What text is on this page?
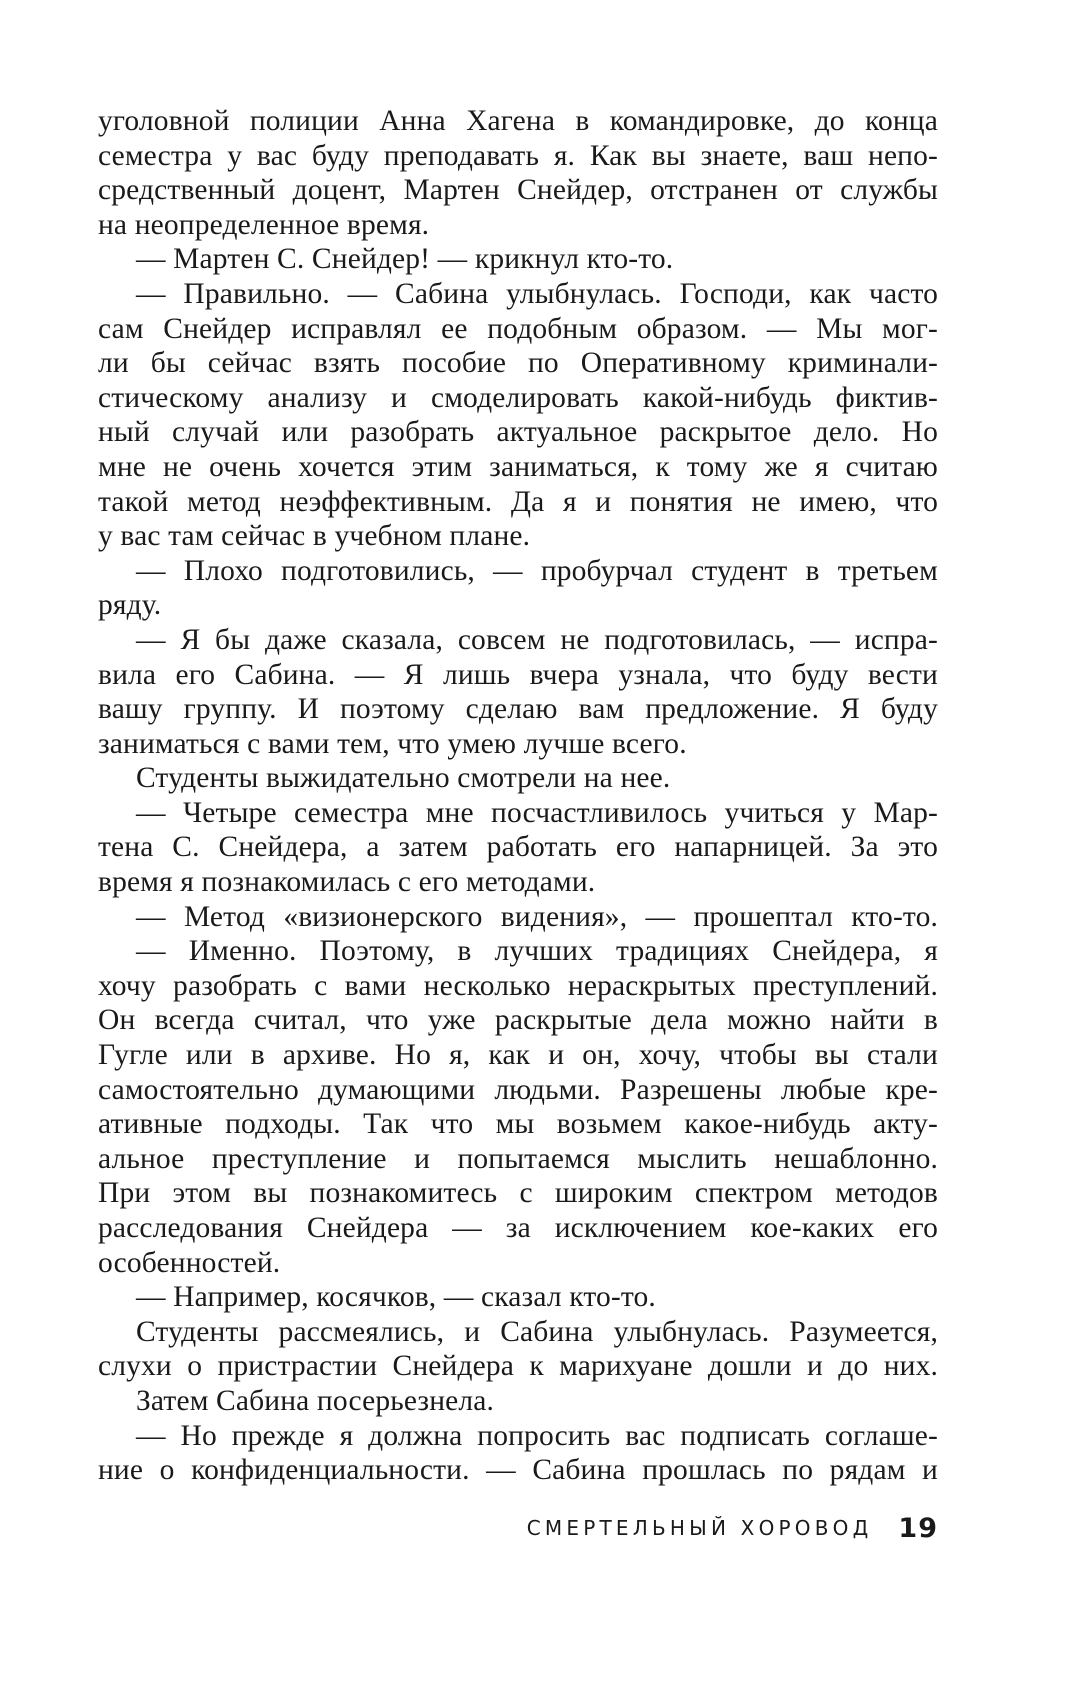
уголовной полиции Анна Хагена в командировке, до конца
семестра у вас буду преподавать я. Как вы знаете, ваш непо-
средственный доцент, Мартен Снейдер, отстранен от службы
на неопределенное время.
— Мартен С. Снейдер! — крикнул кто-то.
— Правильно. — Сабина улыбнулась. Господи, как часто
сам Снейдер исправлял ее подобным образом. — Мы мог-
ли бы сейчас взять пособие по Оперативному криминали-
стическому анализу и смоделировать какой-нибудь фиктив-
ный случай или разобрать актуальное раскрытое дело. Но
мне не очень хочется этим заниматься, к тому же я считаю
такой метод неэффективным. Да я и понятия не имею, что
у вас там сейчас в учебном плане.
— Плохо подготовились, — пробурчал студент в третьем
ряду.
— Я бы даже сказала, совсем не подготовилась, — испра-
вила его Сабина. — Я лишь вчера узнала, что буду вести
вашу группу. И поэтому сделаю вам предложение. Я буду
заниматься с вами тем, что умею лучше всего.
Студенты выжидательно смотрели на нее.
— Четыре семестра мне посчастливилось учиться у Мар-
тена С. Снейдера, а затем работать его напарницей. За это
время я познакомилась с его методами.
— Метод «визионерского видения», — прошептал кто-то.
— Именно. Поэтому, в лучших традициях Снейдера, я
хочу разобрать с вами несколько нераскрытых преступлений.
Он всегда считал, что уже раскрытые дела можно найти в
Гугле или в архиве. Но я, как и он, хочу, чтобы вы стали
самостоятельно думающими людьми. Разрешены любые кре-
ативные подходы. Так что мы возьмем какое-нибудь акту-
альное преступление и попытаемся мыслить нешаблонно.
При этом вы познакомитесь с широким спектром методов
расследования Снейдера — за исключением кое-каких его
особенностей.
— Например, косячков, — сказал кто-то.
Студенты рассмеялись, и Сабина улыбнулась. Разумеется,
слухи о пристрастии Снейдера к марихуане дошли и до них.
Затем Сабина посерьезнела.
— Но прежде я должна попросить вас подписать соглаше-
ние о конфиденциальности. — Сабина прошлась по рядам и
СМЕРТЕЛЬНЫЙ ХОРОВОД 19
